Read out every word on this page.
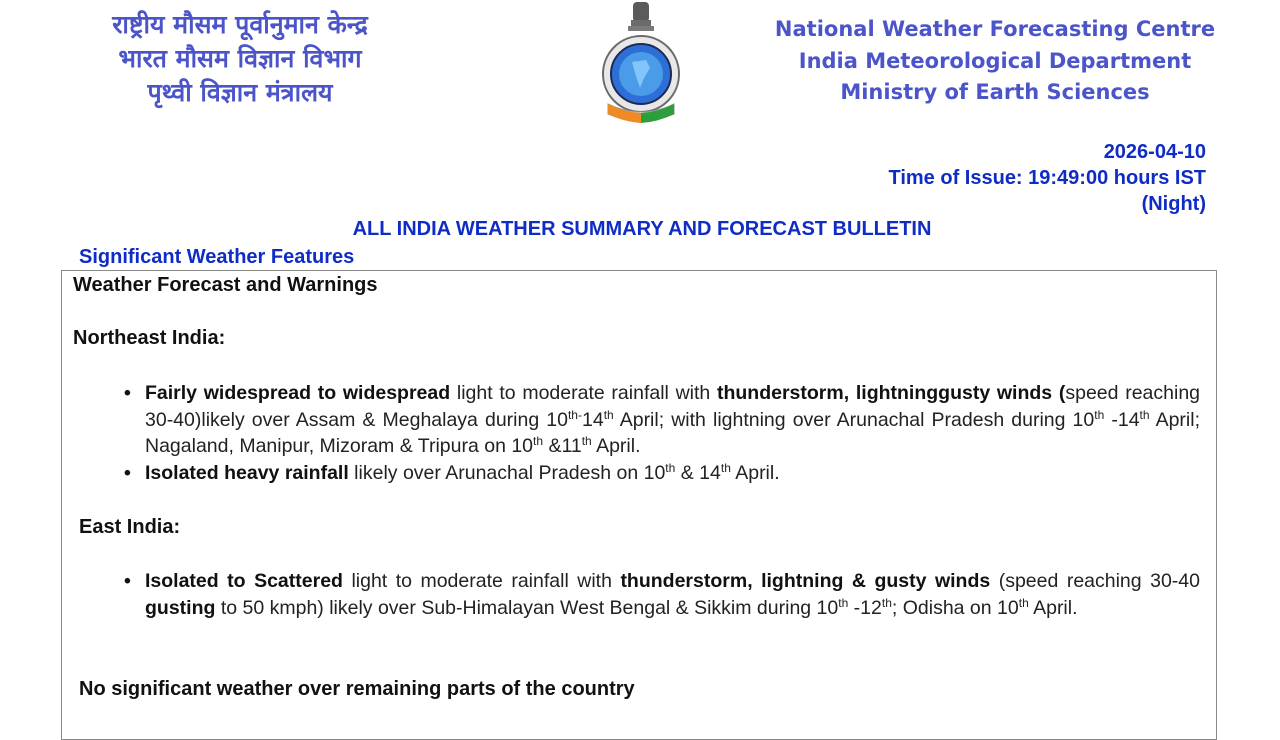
राष्ट्रीय मौसम पूर्वानुमान केन्द्र
भारत मौसम विज्ञान विभाग
पृथ्वी विज्ञान मंत्रालय
National Weather Forecasting Centre
India Meteorological Department
Ministry of Earth Sciences
2026-04-10
Time of Issue: 19:49:00 hours IST
(Night)
ALL INDIA WEATHER SUMMARY AND FORECAST BULLETIN
Significant Weather Features
Weather Forecast and Warnings
Northeast India:
• Fairly widespread to widespread light to moderate rainfall with thunderstorm, lightninggusty winds (speed reaching 30-40)likely over Assam & Meghalaya during $10^{th-}14th$ April; with lightning over Arunachal Pradesh during 10th -14th April; Nagaland, Manipur, Mizoram & Tripura on 10th &11th April.
• Isolated heavy rainfall likely over Arunachal Pradesh on 10th & 14th April.
East India:
• Isolated to Scattered light to moderate rainfall with thunderstorm, lightning & gusty winds (speed reaching 30-40 gusting to 50 kmph) likely over Sub-Himalayan West Bengal & Sikkim during 10th -12th; Odisha on 10th April.
No significant weather over remaining parts of the country
